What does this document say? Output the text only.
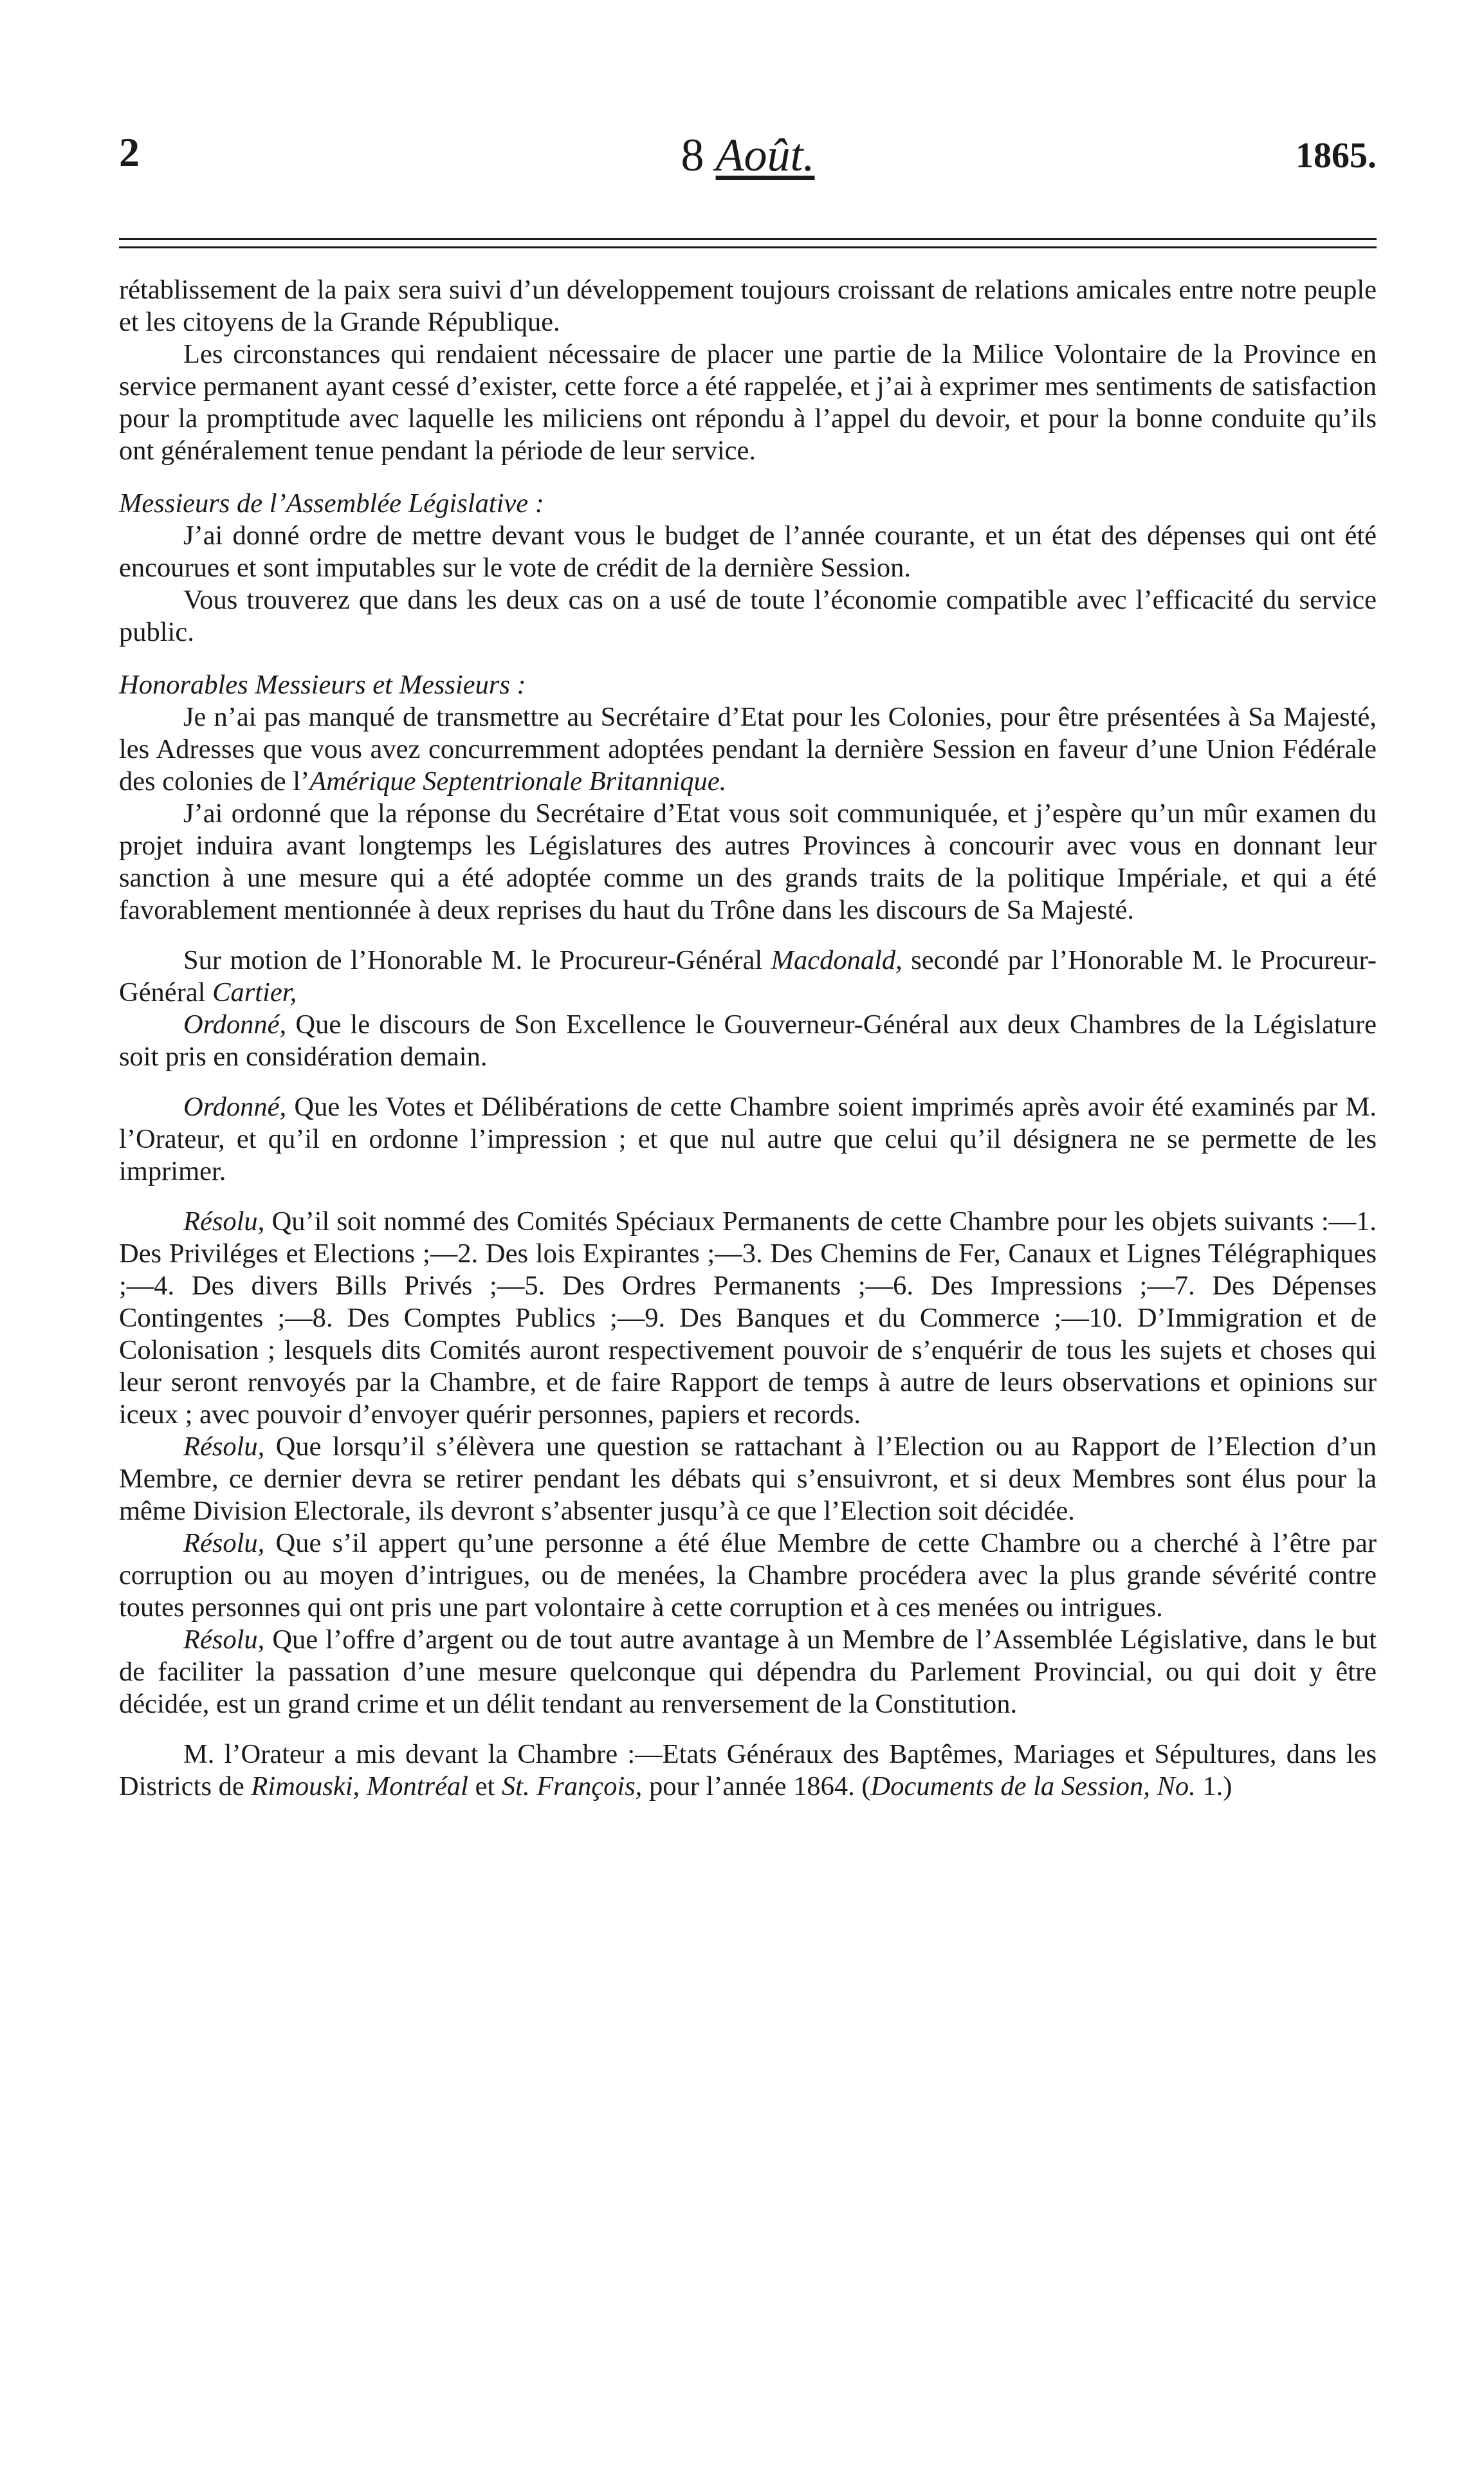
2	8 Août.	1865.

rétablissement de la paix sera suivi d’un développement toujours croissant de relations amicales entre notre peuple et les citoyens de la Grande République.

Les circonstances qui rendaient nécessaire de placer une partie de la Milice Volontaire de la Province en service permanent ayant cessé d’exister, cette force a été rappelée, et j’ai à exprimer mes sentiments de satisfaction pour la promptitude avec laquelle les miliciens ont répondu à l’appel du devoir, et pour la bonne conduite qu’ils ont généralement tenue pendant la période de leur service.

Messieurs de l’Assemblée Législative :

J’ai donné ordre de mettre devant vous le budget de l’année courante, et un état des dépenses qui ont été encourues et sont imputables sur le vote de crédit de la dernière Session.

Vous trouverez que dans les deux cas on a usé de toute l’économie compatible avec l’efficacité du service public.

Honorables Messieurs et Messieurs :

Je n’ai pas manqué de transmettre au Secrétaire d’Etat pour les Colonies, pour être présentées à Sa Majesté, les Adresses que vous avez concurremment adoptées pendant la dernière Session en faveur d’une Union Fédérale des colonies de l’Amérique Septentrionale Britannique.

J’ai ordonné que la réponse du Secrétaire d’Etat vous soit communiquée, et j’espère qu’un mûr examen du projet induira avant longtemps les Législatures des autres Provinces à concourir avec vous en donnant leur sanction à une mesure qui a été adoptée comme un des grands traits de la politique Impériale, et qui a été favorablement mentionnée à deux reprises du haut du Trône dans les discours de Sa Majesté.

Sur motion de l’Honorable M. le Procureur-Général Macdonald, secondé par l’Honorable M. le Procureur-Général Cartier,

Ordonné, Que le discours de Son Excellence le Gouverneur-Général aux deux Chambres de la Législature soit pris en considération demain.

Ordonné, Que les Votes et Délibérations de cette Chambre soient imprimés après avoir été examinés par M. l’Orateur, et qu’il en ordonne l’impression ; et que nul autre que celui qu’il désignera ne se permette de les imprimer.

Résolu, Qu’il soit nommé des Comités Spéciaux Permanents de cette Chambre pour les objets suivants :—1. Des Priviléges et Elections ;—2. Des lois Expirantes ;—3. Des Chemins de Fer, Canaux et Lignes Télégraphiques ;—4. Des divers Bills Privés ;—5. Des Ordres Permanents ;—6. Des Impressions ;—7. Des Dépenses Contingentes ;—8. Des Comptes Publics ;—9. Des Banques et du Commerce ;—10. D’Immigration et de Colonisation ; lesquels dits Comités auront respectivement pouvoir de s’enquérir de tous les sujets et choses qui leur seront renvoyés par la Chambre, et de faire Rapport de temps à autre de leurs observations et opinions sur iceux ; avec pouvoir d’envoyer quérir personnes, papiers et records.

Résolu, Que lorsqu’il s’élèvera une question se rattachant à l’Election ou au Rapport de l’Election d’un Membre, ce dernier devra se retirer pendant les débats qui s’ensuivront, et si deux Membres sont élus pour la même Division Electorale, ils devront s’absenter jusqu’à ce que l’Election soit décidée.

Résolu, Que s’il appert qu’une personne a été élue Membre de cette Chambre ou a cherché à l’être par corruption ou au moyen d’intrigues, ou de menées, la Chambre procédera avec la plus grande sévérité contre toutes personnes qui ont pris une part volontaire à cette corruption et à ces menées ou intrigues.

Résolu, Que l’offre d’argent ou de tout autre avantage à un Membre de l’Assemblée Législative, dans le but de faciliter la passation d’une mesure quelconque qui dépendra du Parlement Provincial, ou qui doit y être décidée, est un grand crime et un délit tendant au renversement de la Constitution.

M. l’Orateur a mis devant la Chambre :—Etats Généraux des Baptêmes, Mariages et Sépultures, dans les Districts de Rimouski, Montréal et St. François, pour l’année 1864. (Documents de la Session, No. 1.)
